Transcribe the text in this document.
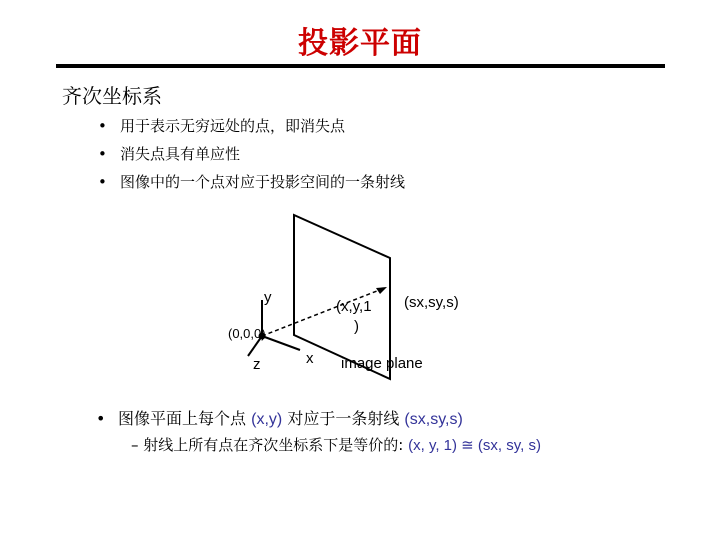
投影平面
齐次坐标系
• 用于表示无穷远处的点，即消失点
• 消失点具有单应性
• 图像中的一个点对应于投影空间的一条射线
y
(0,0,0)
z	x
(x,y,1
)
(sx,sy,s)
image plane
• 图像平面上每个点 (x,y) 对应于一条射线 (sx,sy,s)
– 射线上所有点在齐次坐标系下是等价的: (x, y, 1) ≅ (sx, sy, s)
